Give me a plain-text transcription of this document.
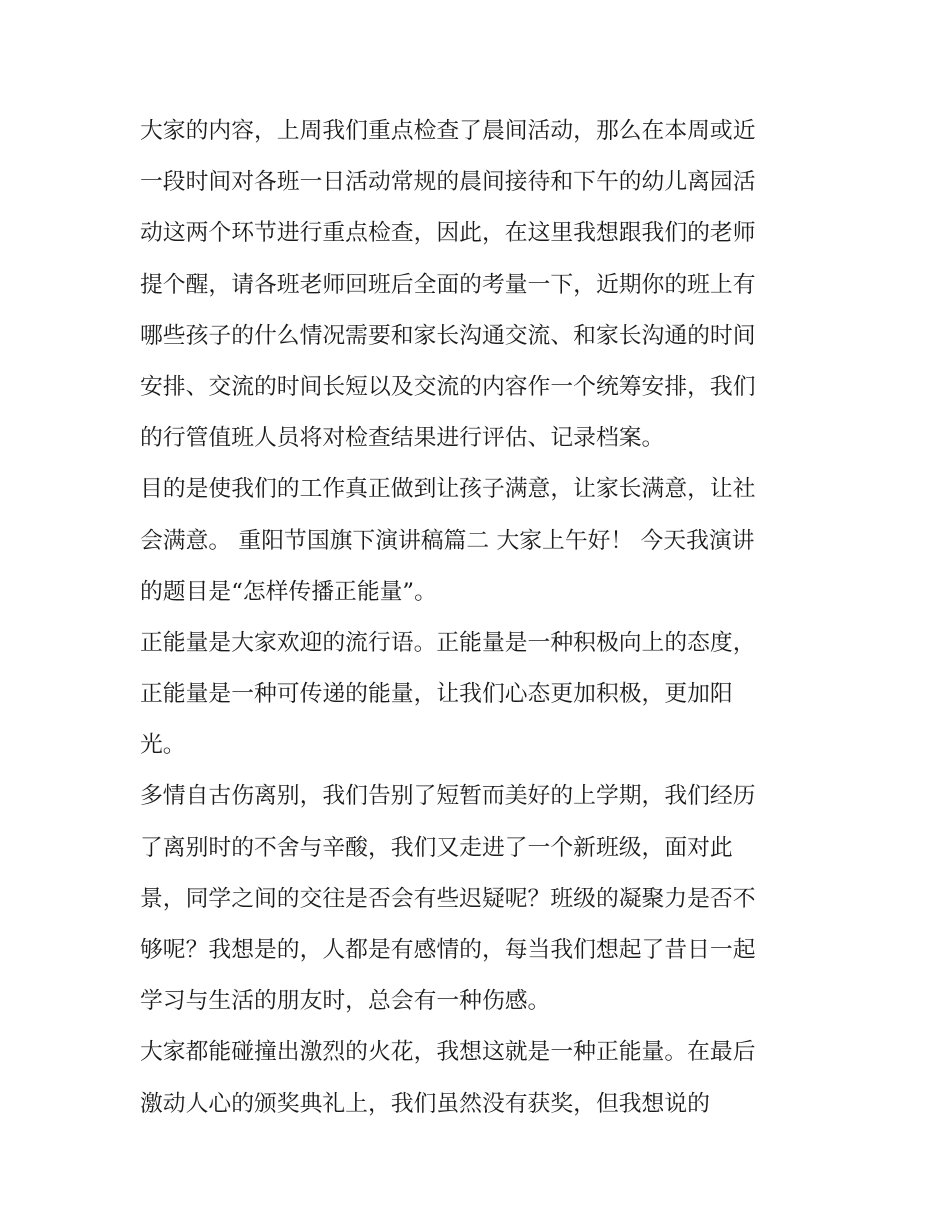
大家的内容，上周我们重点检查了晨间活动，那么在本周或近
一段时间对各班一日活动常规的晨间接待和下午的幼儿离园活
动这两个环节进行重点检查，因此，在这里我想跟我们的老师
提个醒，请各班老师回班后全面的考量一下，近期你的班上有
哪些孩子的什么情况需要和家长沟通交流、和家长沟通的时间
安排、交流的时间长短以及交流的内容作一个统筹安排，我们
的行管值班人员将对检查结果进行评估、记录档案。
目的是使我们的工作真正做到让孩子满意，让家长满意，让社
会满意。 重阳节国旗下演讲稿篇二 大家上午好！ 今天我演讲
的题目是“怎样传播正能量”。
正能量是大家欢迎的流行语。正能量是一种积极向上的态度，
正能量是一种可传递的能量，让我们心态更加积极，更加阳
光。
多情自古伤离别，我们告别了短暂而美好的上学期，我们经历
了离别时的不舍与辛酸，我们又走进了一个新班级，面对此
景，同学之间的交往是否会有些迟疑呢？班级的凝聚力是否不
够呢？我想是的，人都是有感情的，每当我们想起了昔日一起
学习与生活的朋友时，总会有一种伤感。
大家都能碰撞出激烈的火花，我想这就是一种正能量。在最后
激动人心的颁奖典礼上，我们虽然没有获奖，但我想说的
